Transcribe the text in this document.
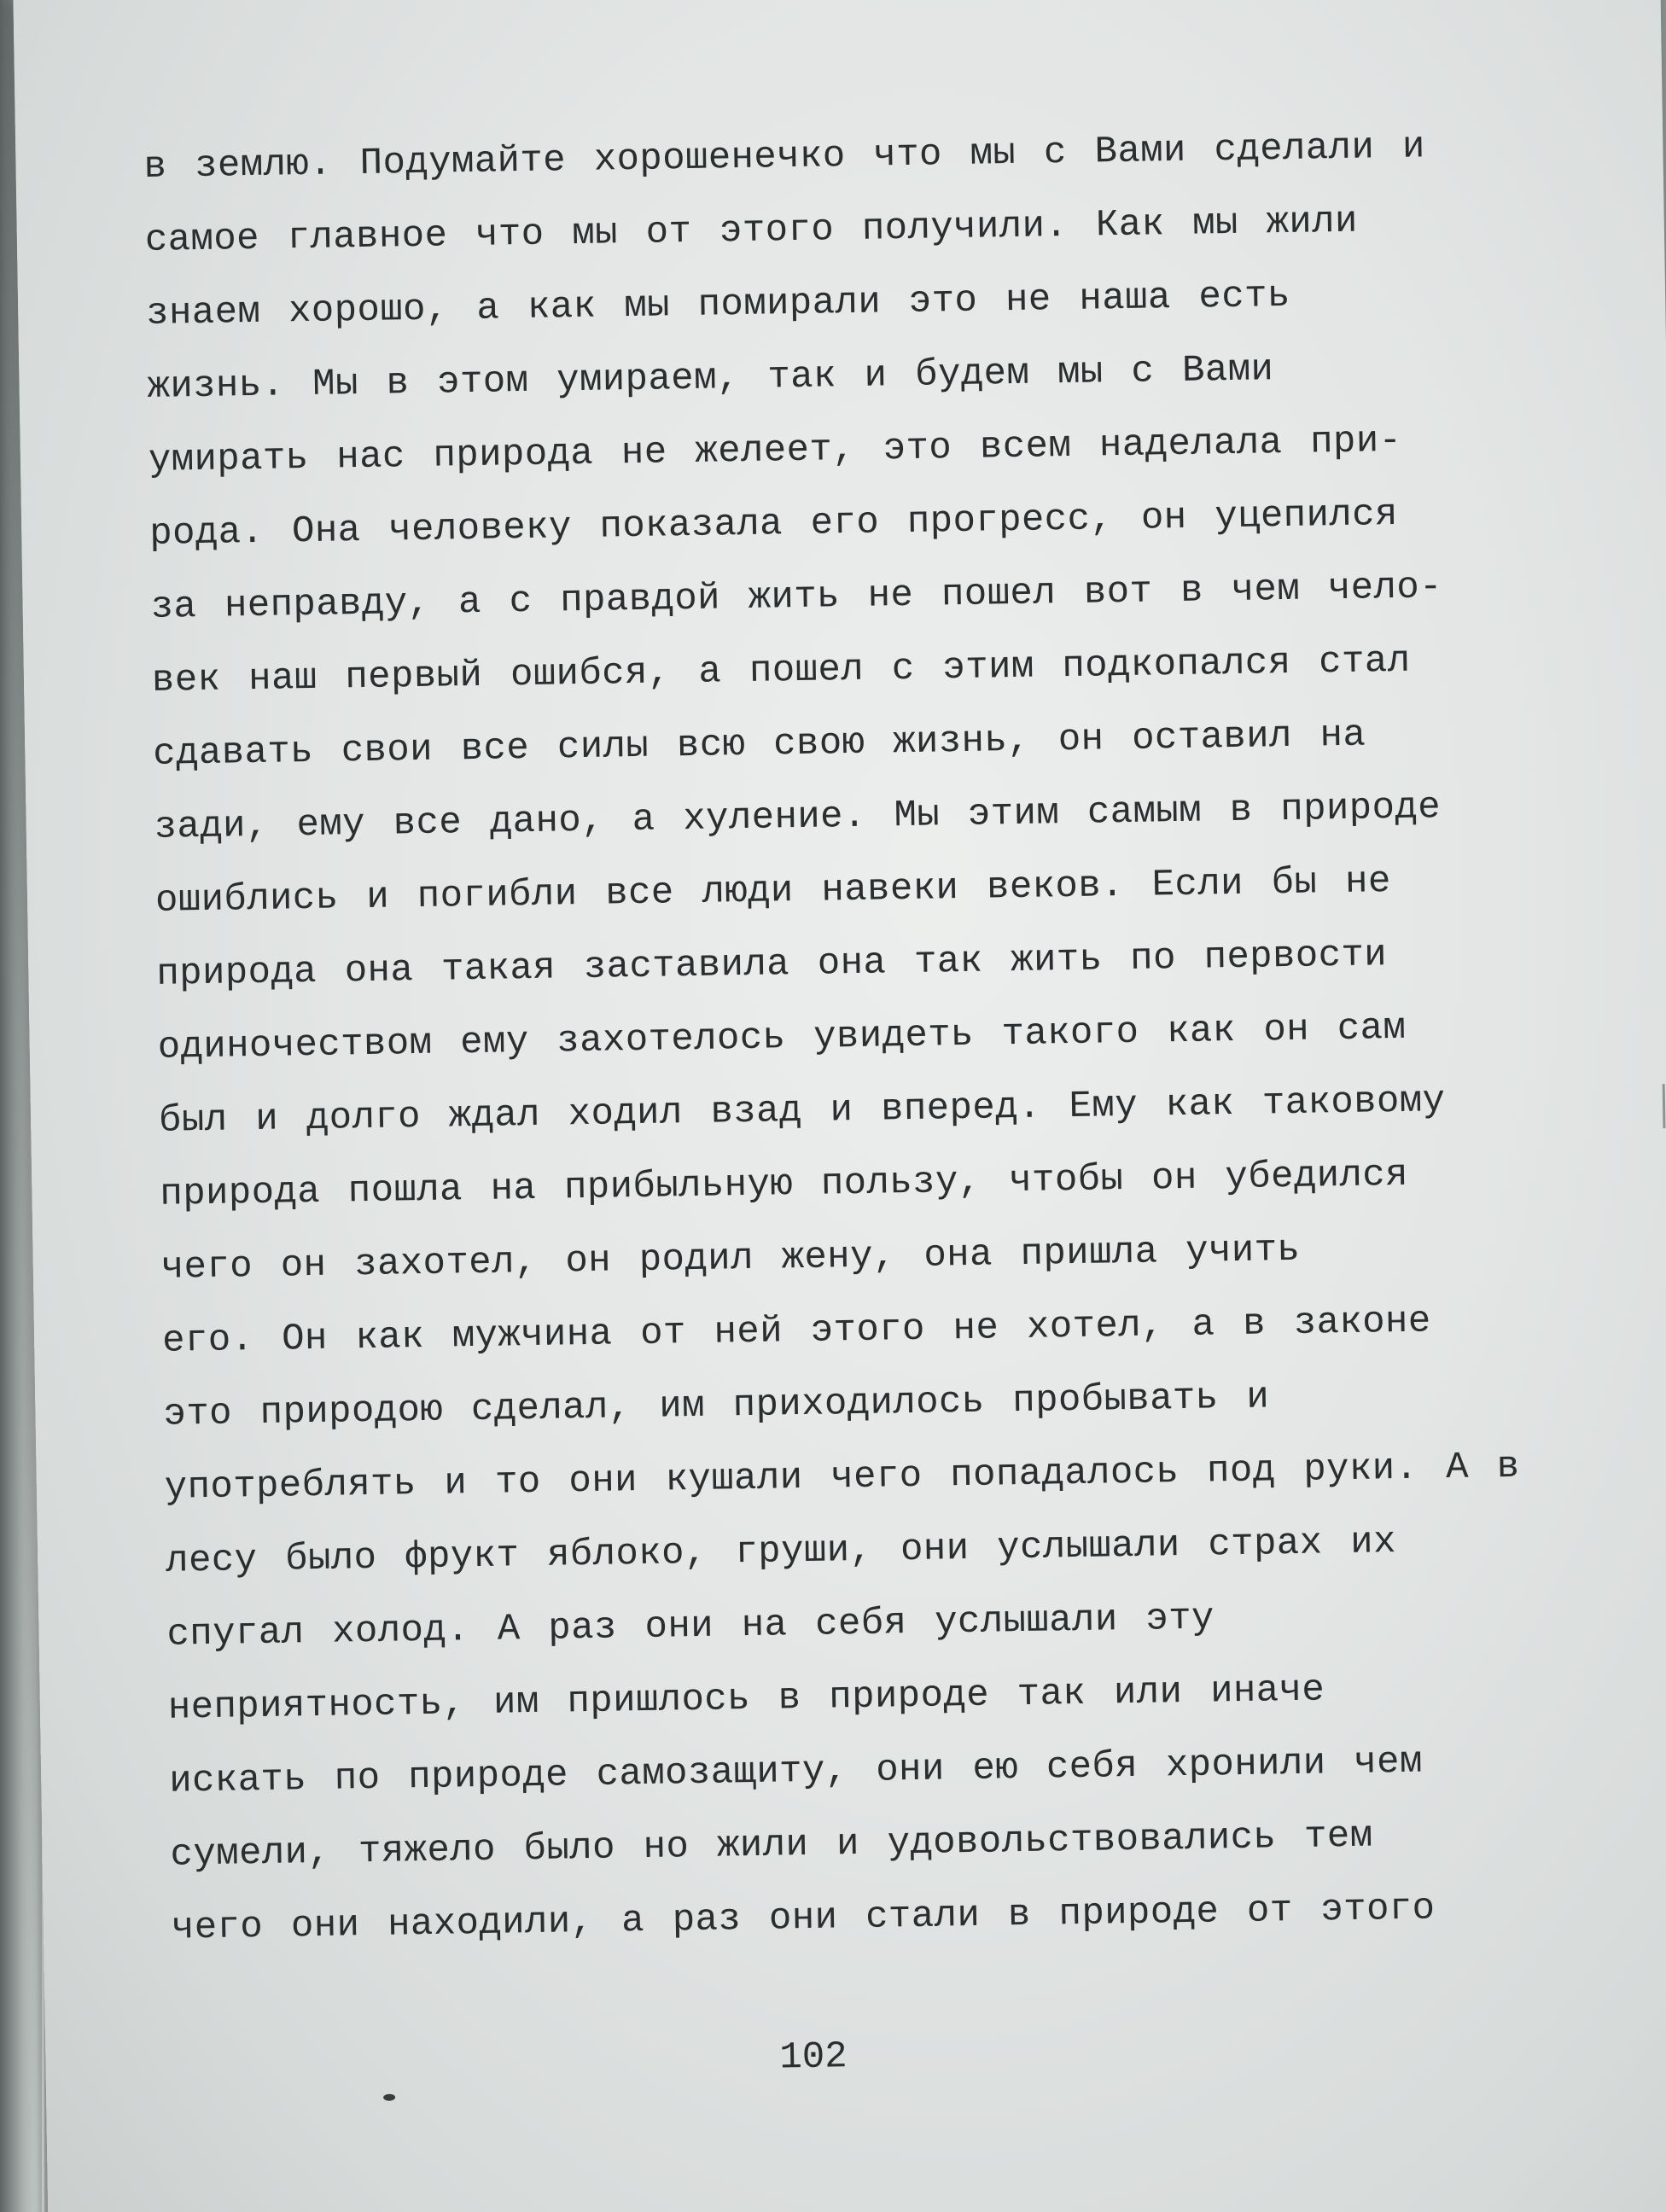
в землю. Подумайте хорошенечко что мы с Вами сделали и
самое главное что мы от этого получили. Как мы жили
знаем хорошо, а как мы помирали это не наша есть
жизнь. Мы в этом умираем, так и будем мы с Вами
умирать нас природа не желеет, это всем наделала при-
рода. Она человеку показала его прогресс, он уцепился
за неправду, а с правдой жить не пошел вот в чем чело-
век наш первый ошибся, а пошел с этим подкопался стал
сдавать свои все силы всю свою жизнь, он оставил на
зади, ему все дано, а хуление. Мы этим самым в природе
ошиблись и погибли все люди навеки веков. Если бы не
природа она такая заставила она так жить по первости
одиночеством ему захотелось увидеть такого как он сам
был и долго ждал ходил взад и вперед. Ему как таковому
природа пошла на прибыльную пользу, чтобы он убедился
чего он захотел, он родил жену, она пришла учить
его. Он как мужчина от ней этого не хотел, а в законе
это природою сделал, им приходилось пробывать и
употреблять и то они кушали чего попадалось под руки. А в
лесу было фрукт яблоко, груши, они услышали страх их
спугал холод. А раз они на себя услышали эту
неприятность, им пришлось в природе так или иначе
искать по природе самозащиту, они ею себя хронили чем
сумели, тяжело было но жили и удовольствовались тем
чего они находили, а раз они стали в природе от этого
102
